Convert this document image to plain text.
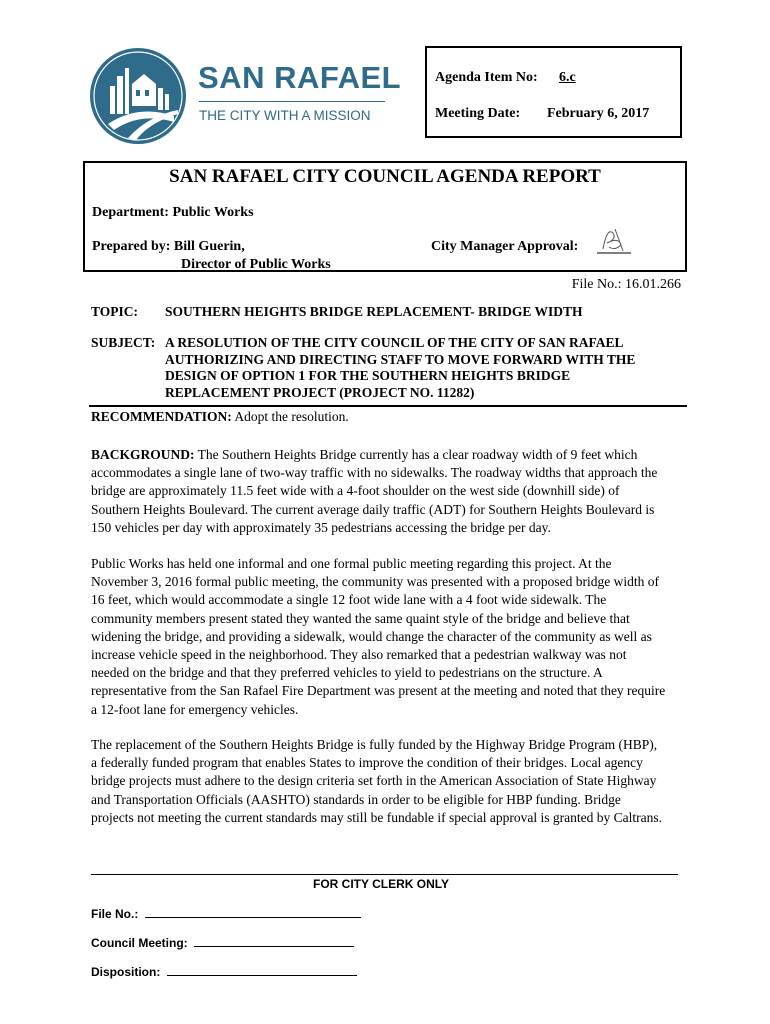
SAN RAFAEL
THE CITY WITH A MISSION
Agenda Item No: 6.c
Meeting Date: February 6, 2017
SAN RAFAEL CITY COUNCIL AGENDA REPORT
Department: Public Works
Prepared by: Bill Guerin,
Director of Public Works
City Manager Approval:
File No.: 16.01.266
TOPIC: SOUTHERN HEIGHTS BRIDGE REPLACEMENT- BRIDGE WIDTH
SUBJECT: A RESOLUTION OF THE CITY COUNCIL OF THE CITY OF SAN RAFAEL
AUTHORIZING AND DIRECTING STAFF TO MOVE FORWARD WITH THE
DESIGN OF OPTION 1 FOR THE SOUTHERN HEIGHTS BRIDGE
REPLACEMENT PROJECT (PROJECT NO. 11282)
RECOMMENDATION: Adopt the resolution.
BACKGROUND: The Southern Heights Bridge currently has a clear roadway width of 9 feet which
accommodates a single lane of two-way traffic with no sidewalks. The roadway widths that approach the
bridge are approximately 11.5 feet wide with a 4-foot shoulder on the west side (downhill side) of
Southern Heights Boulevard. The current average daily traffic (ADT) for Southern Heights Boulevard is
150 vehicles per day with approximately 35 pedestrians accessing the bridge per day.
Public Works has held one informal and one formal public meeting regarding this project. At the
November 3, 2016 formal public meeting, the community was presented with a proposed bridge width of
16 feet, which would accommodate a single 12 foot wide lane with a 4 foot wide sidewalk. The
community members present stated they wanted the same quaint style of the bridge and believe that
widening the bridge, and providing a sidewalk, would change the character of the community as well as
increase vehicle speed in the neighborhood. They also remarked that a pedestrian walkway was not
needed on the bridge and that they preferred vehicles to yield to pedestrians on the structure. A
representative from the San Rafael Fire Department was present at the meeting and noted that they require
a 12-foot lane for emergency vehicles.
The replacement of the Southern Heights Bridge is fully funded by the Highway Bridge Program (HBP),
a federally funded program that enables States to improve the condition of their bridges. Local agency
bridge projects must adhere to the design criteria set forth in the American Association of State Highway
and Transportation Officials (AASHTO) standards in order to be eligible for HBP funding. Bridge
projects not meeting the current standards may still be fundable if special approval is granted by Caltrans.
FOR CITY CLERK ONLY
File No.:
Council Meeting:
Disposition:
